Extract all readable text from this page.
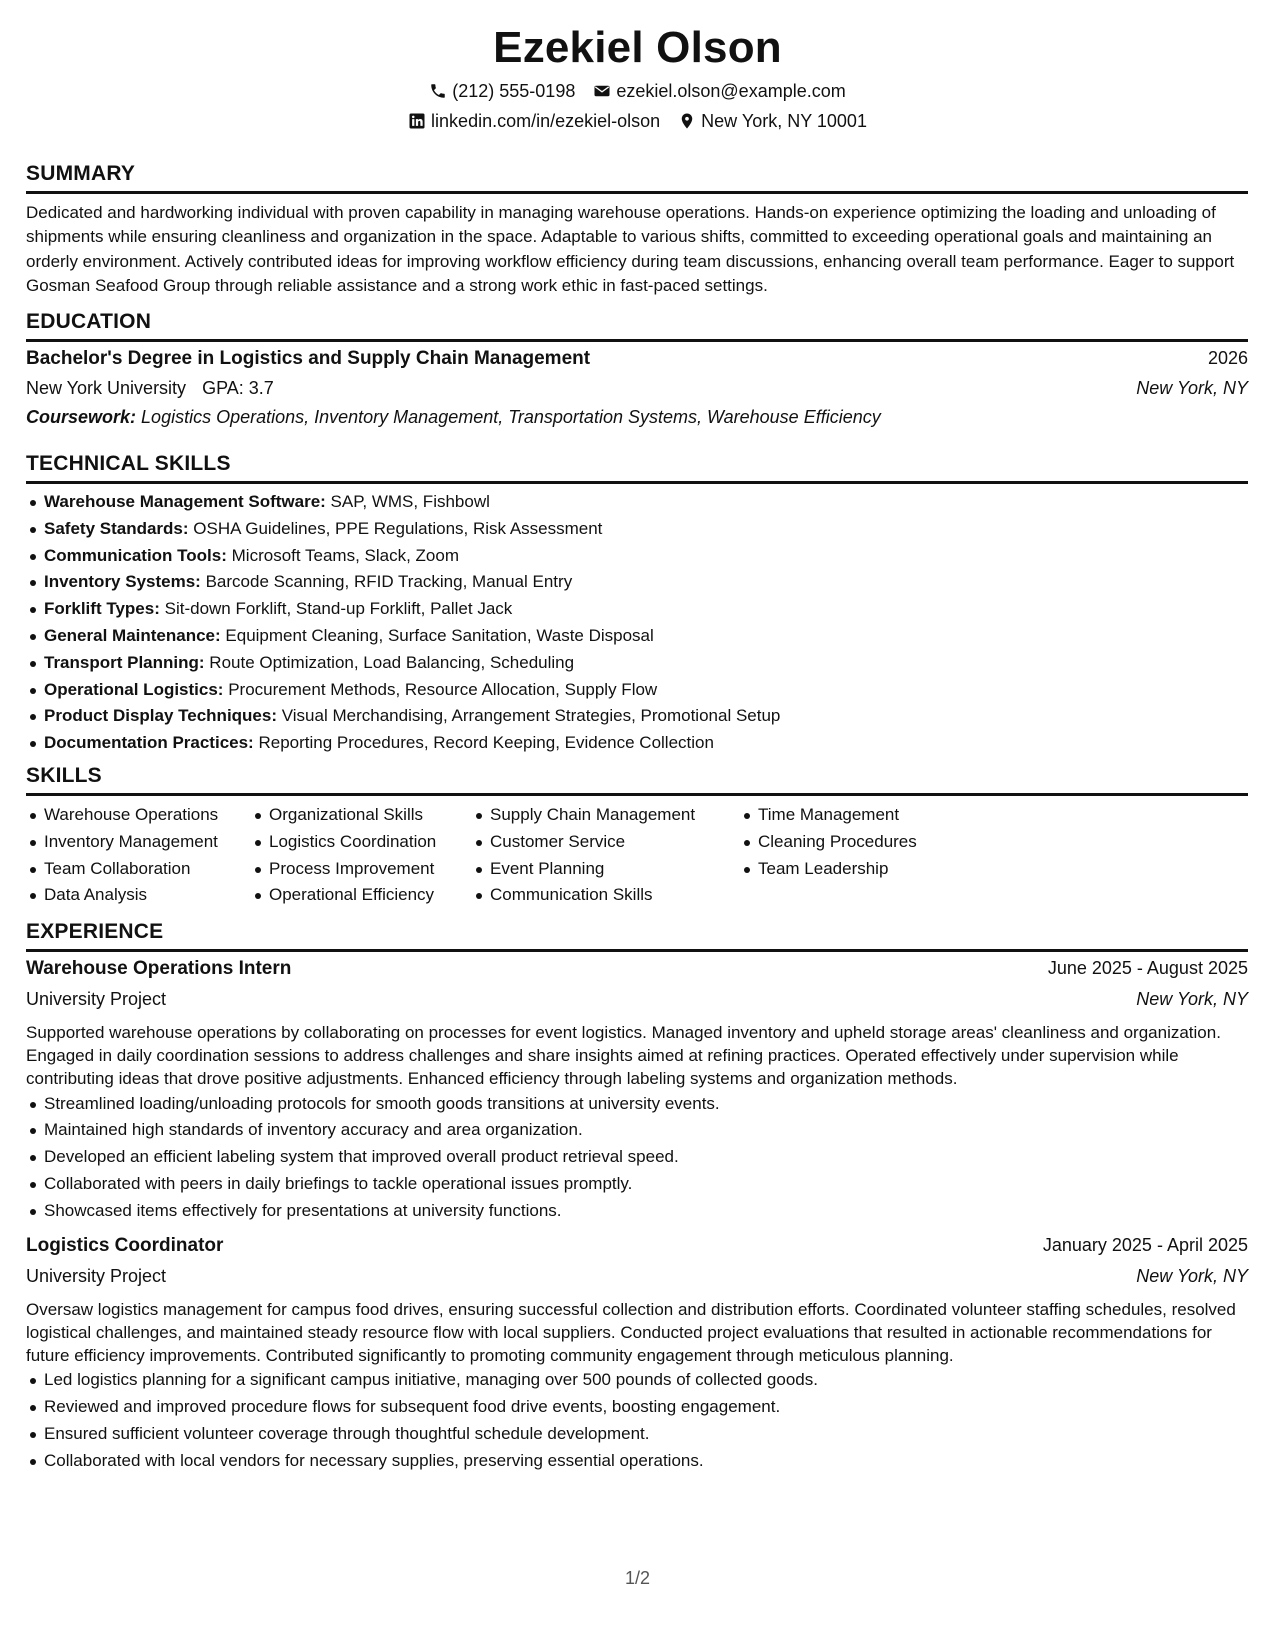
Ezekiel Olson
(212) 555-0198 ezekiel.olson@example.com
linkedin.com/in/ezekiel-olson New York, NY 10001
SUMMARY
Dedicated and hardworking individual with proven capability in managing warehouse operations. Hands-on experience optimizing the loading and unloading of shipments while ensuring cleanliness and organization in the space. Adaptable to various shifts, committed to exceeding operational goals and maintaining an orderly environment. Actively contributed ideas for improving workflow efficiency during team discussions, enhancing overall team performance. Eager to support Gosman Seafood Group through reliable assistance and a strong work ethic in fast-paced settings.
EDUCATION
Bachelor's Degree in Logistics and Supply Chain Management	2026
New York University GPA: 3.7	New York, NY
Coursework: Logistics Operations, Inventory Management, Transportation Systems, Warehouse Efficiency
TECHNICAL SKILLS
Warehouse Management Software: SAP, WMS, Fishbowl
Safety Standards: OSHA Guidelines, PPE Regulations, Risk Assessment
Communication Tools: Microsoft Teams, Slack, Zoom
Inventory Systems: Barcode Scanning, RFID Tracking, Manual Entry
Forklift Types: Sit-down Forklift, Stand-up Forklift, Pallet Jack
General Maintenance: Equipment Cleaning, Surface Sanitation, Waste Disposal
Transport Planning: Route Optimization, Load Balancing, Scheduling
Operational Logistics: Procurement Methods, Resource Allocation, Supply Flow
Product Display Techniques: Visual Merchandising, Arrangement Strategies, Promotional Setup
Documentation Practices: Reporting Procedures, Record Keeping, Evidence Collection
SKILLS
Warehouse Operations
Inventory Management
Team Collaboration
Data Analysis
Organizational Skills
Logistics Coordination
Process Improvement
Operational Efficiency
Supply Chain Management
Customer Service
Event Planning
Communication Skills
Time Management
Cleaning Procedures
Team Leadership
EXPERIENCE
Warehouse Operations Intern	June 2025 - August 2025
University Project	New York, NY
Supported warehouse operations by collaborating on processes for event logistics. Managed inventory and upheld storage areas' cleanliness and organization. Engaged in daily coordination sessions to address challenges and share insights aimed at refining practices. Operated effectively under supervision while contributing ideas that drove positive adjustments. Enhanced efficiency through labeling systems and organization methods.
Streamlined loading/unloading protocols for smooth goods transitions at university events.
Maintained high standards of inventory accuracy and area organization.
Developed an efficient labeling system that improved overall product retrieval speed.
Collaborated with peers in daily briefings to tackle operational issues promptly.
Showcased items effectively for presentations at university functions.
Logistics Coordinator	January 2025 - April 2025
University Project	New York, NY
Oversaw logistics management for campus food drives, ensuring successful collection and distribution efforts. Coordinated volunteer staffing schedules, resolved logistical challenges, and maintained steady resource flow with local suppliers. Conducted project evaluations that resulted in actionable recommendations for future efficiency improvements. Contributed significantly to promoting community engagement through meticulous planning.
Led logistics planning for a significant campus initiative, managing over 500 pounds of collected goods.
Reviewed and improved procedure flows for subsequent food drive events, boosting engagement.
Ensured sufficient volunteer coverage through thoughtful schedule development.
Collaborated with local vendors for necessary supplies, preserving essential operations.
1/2
